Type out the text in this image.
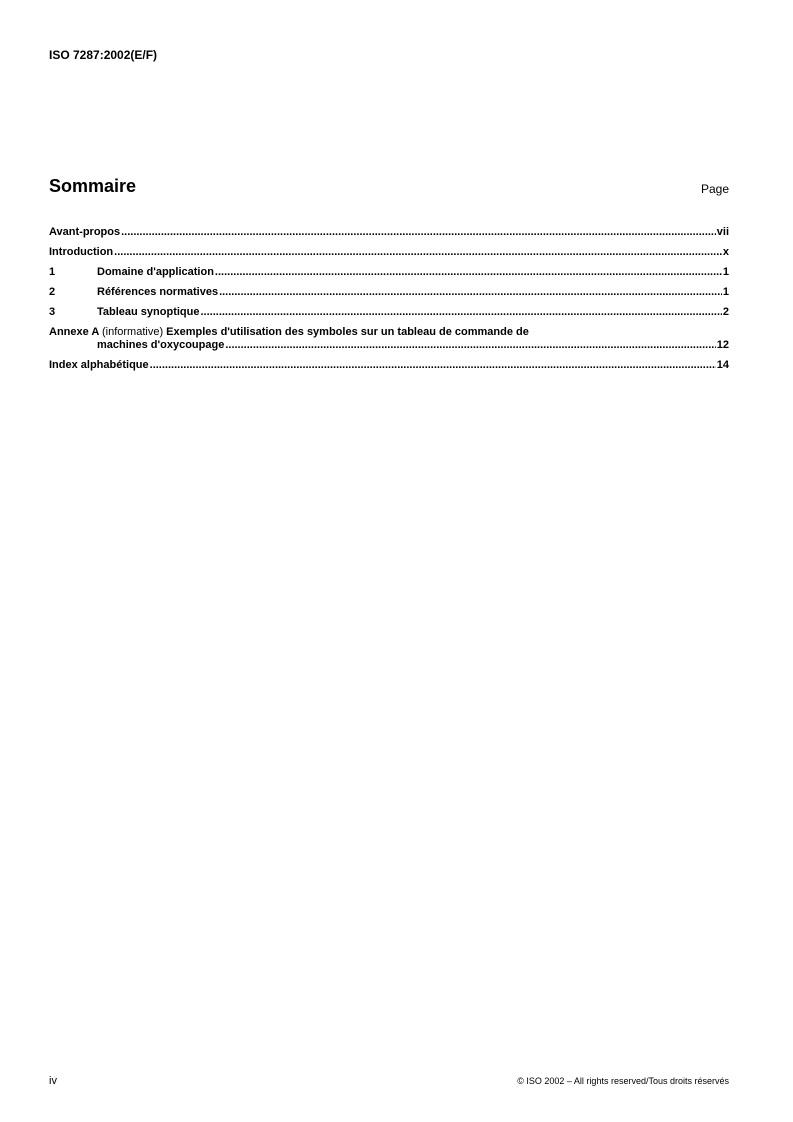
ISO 7287:2002(E/F)
Sommaire	Page
Avant-propos .....	vii
Introduction .....	x
1	Domaine d'application .....	1
2	Références normatives .....	1
3	Tableau synoptique .....	2
Annexe A (informative) Exemples d'utilisation des symboles sur un tableau de commande de
machines d'oxycoupage .....	12
Index alphabétique .....	14
iv	© ISO 2002 – All rights reserved/Tous droits réservés
